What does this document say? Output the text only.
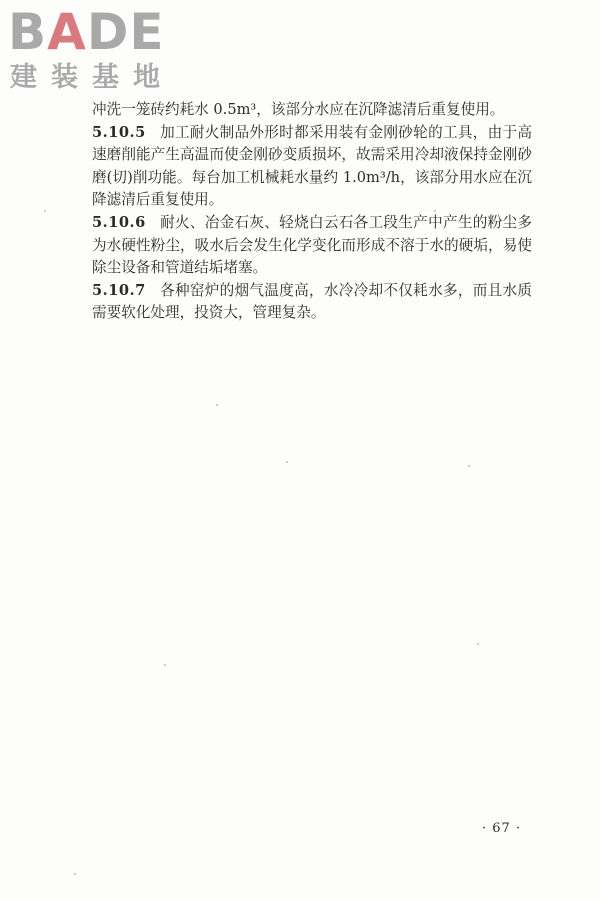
BADE
建装基地

冲洗一笼砖约耗水 0.5m³，该部分水应在沉降滤清后重复使用。

5.10.5 加工耐火制品外形时都采用装有金刚砂轮的工具，由于高速磨削能产生高温而使金刚砂变质损坏，故需采用冷却液保持金刚砂磨(切)削功能。每台加工机械耗水量约 1.0m³/h，该部分用水应在沉降滤清后重复使用。

5.10.6 耐火、冶金石灰、轻烧白云石各工段生产中产生的粉尘多为水硬性粉尘，吸水后会发生化学变化而形成不溶于水的硬垢，易使除尘设备和管道结垢堵塞。

5.10.7 各种窑炉的烟气温度高，水冷冷却不仅耗水多，而且水质需要软化处理，投资大，管理复杂。

· 67 ·
